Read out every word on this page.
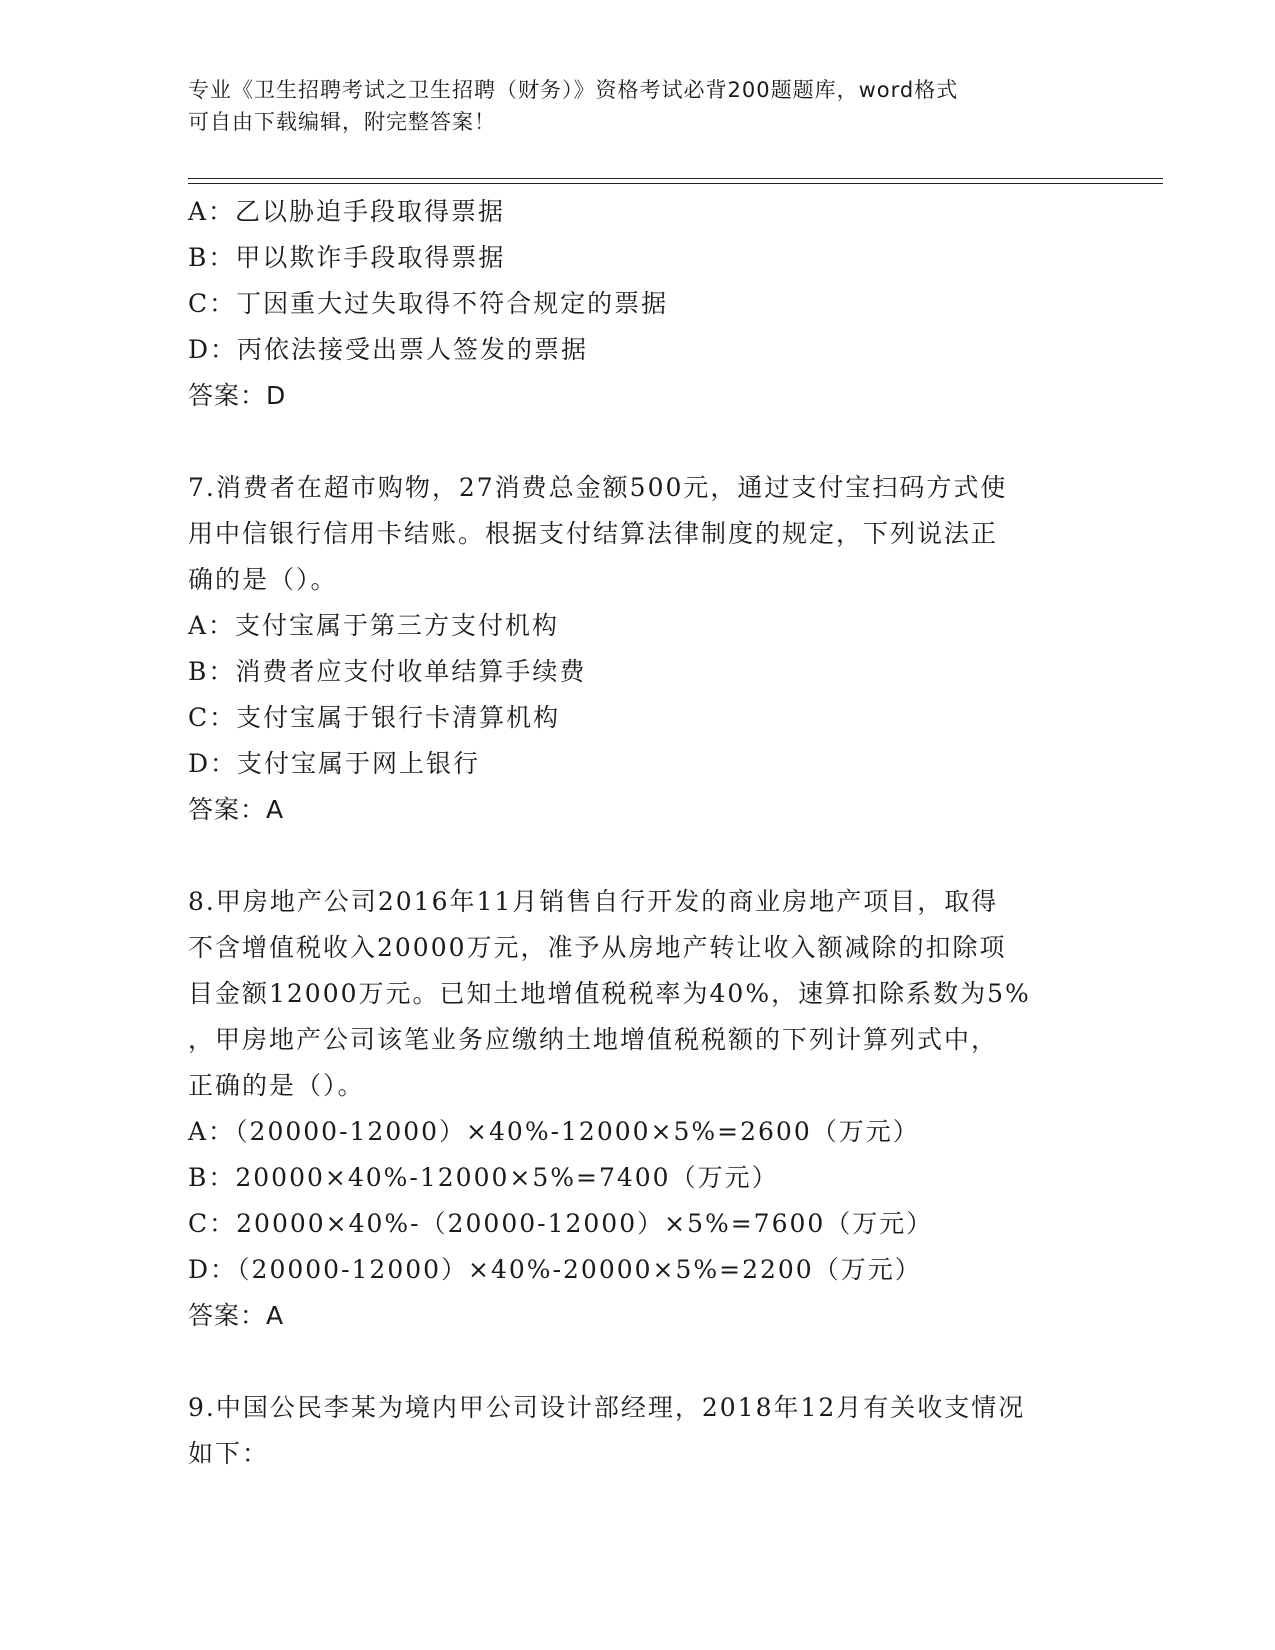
专业《卫生招聘考试之卫生招聘（财务）》资格考试必背200题题库，word格式
可自由下载编辑，附完整答案！
A：乙以胁迫手段取得票据
B：甲以欺诈手段取得票据
C：丁因重大过失取得不符合规定的票据
D：丙依法接受出票人签发的票据
答案：D
7.消费者在超市购物，27消费总金额500元，通过支付宝扫码方式使
用中信银行信用卡结账。根据支付结算法律制度的规定，下列说法正
确的是（）。
A：支付宝属于第三方支付机构
B：消费者应支付收单结算手续费
C：支付宝属于银行卡清算机构
D：支付宝属于网上银行
答案：A
8.甲房地产公司2016年11月销售自行开发的商业房地产项目，取得
不含增值税收入20000万元，准予从房地产转让收入额减除的扣除项
目金额12000万元。已知土地增值税税率为40%，速算扣除系数为5%
，甲房地产公司该笔业务应缴纳土地增值税税额的下列计算列式中，
正确的是（）。
A：（20000-12000）×40%-12000×5%=2600（万元）
B：20000×40%-12000×5%=7400（万元）
C：20000×40%-（20000-12000）×5%=7600（万元）
D：（20000-12000）×40%-20000×5%=2200（万元）
答案：A
9.中国公民李某为境内甲公司设计部经理，2018年12月有关收支情况
如下：
